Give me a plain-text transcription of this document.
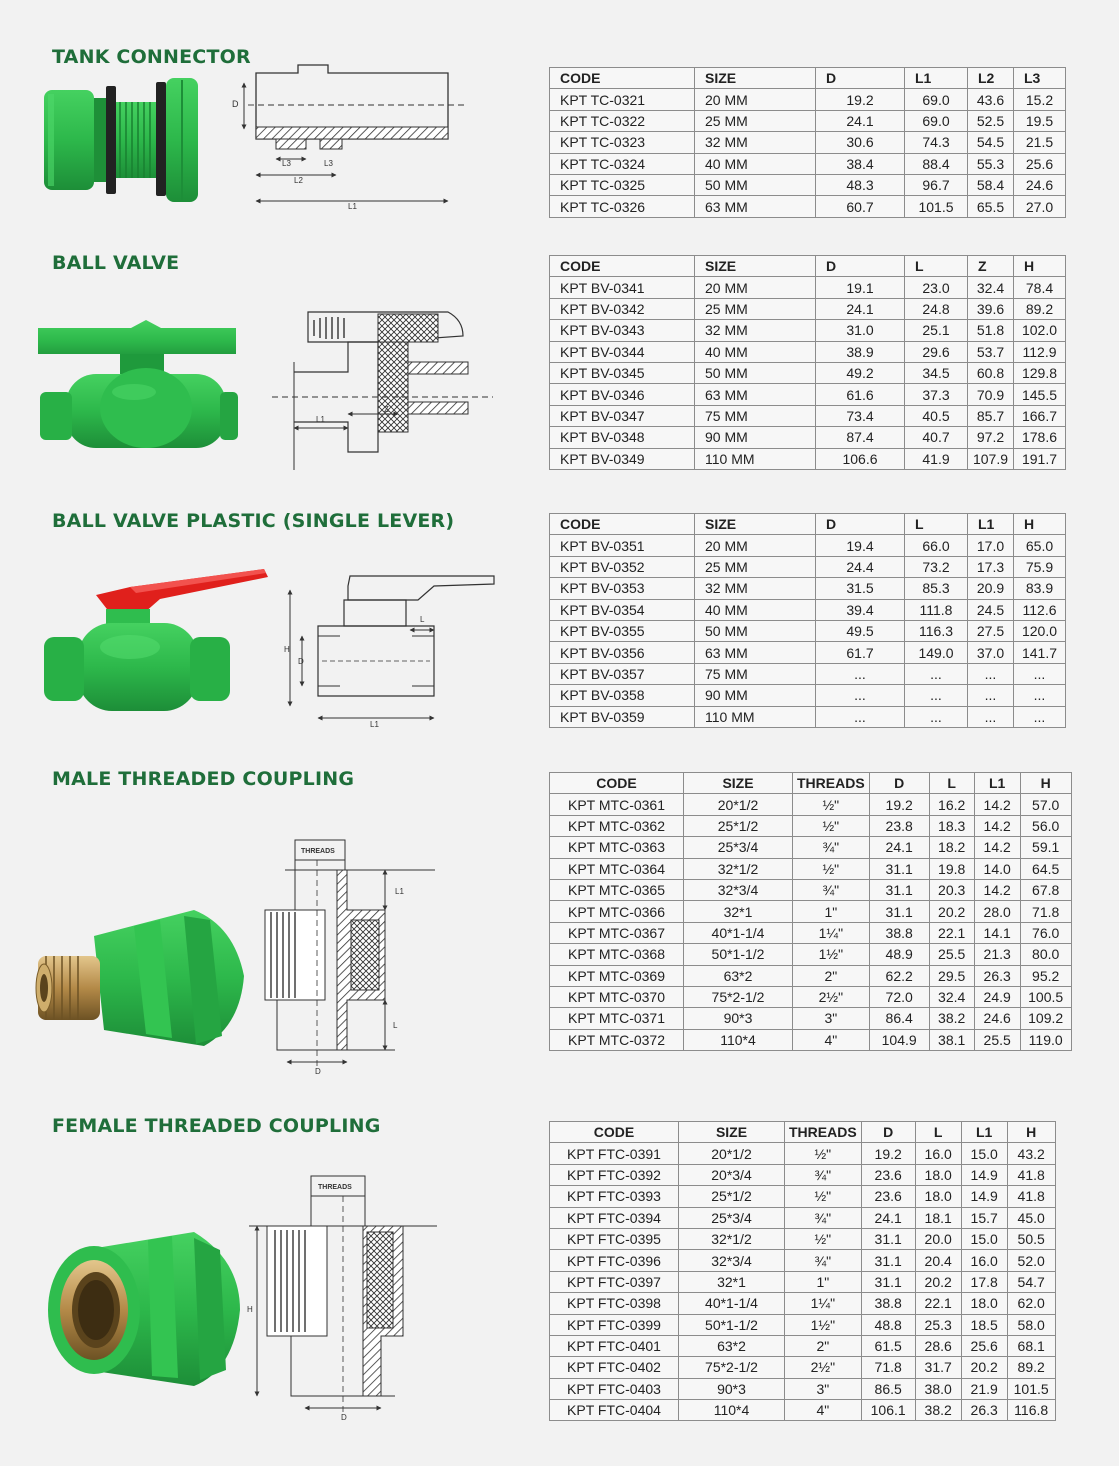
TANK CONNECTOR
D
L3	L3
L2
L1
CODE	SIZE	D	L1	L2	L3
KPT TC-0321	20 MM	19.2	69.0	43.6	15.2
KPT TC-0322	25 MM	24.1	69.0	52.5	19.5
KPT TC-0323	32 MM	30.6	74.3	54.5	21.5
KPT TC-0324	40 MM	38.4	88.4	55.3	25.6
KPT TC-0325	50 MM	48.3	96.7	58.4	24.6
KPT TC-0326	63 MM	60.7	101.5	65.5	27.0
BALL VALVE
L1
Z
CODE	SIZE	D	L	Z	H
KPT BV-0341	20 MM	19.1	23.0	32.4	78.4
KPT BV-0342	25 MM	24.1	24.8	39.6	89.2
KPT BV-0343	32 MM	31.0	25.1	51.8	102.0
KPT BV-0344	40 MM	38.9	29.6	53.7	112.9
KPT BV-0345	50 MM	49.2	34.5	60.8	129.8
KPT BV-0346	63 MM	61.6	37.3	70.9	145.5
KPT BV-0347	75 MM	73.4	40.5	85.7	166.7
KPT BV-0348	90 MM	87.4	40.7	97.2	178.6
KPT BV-0349	110 MM	106.6	41.9	107.9	191.7
BALL VALVE PLASTIC (SINGLE LEVER)
H
D
L
L1
CODE	SIZE	D	L	L1	H
KPT BV-0351	20 MM	19.4	66.0	17.0	65.0
KPT BV-0352	25 MM	24.4	73.2	17.3	75.9
KPT BV-0353	32 MM	31.5	85.3	20.9	83.9
KPT BV-0354	40 MM	39.4	111.8	24.5	112.6
KPT BV-0355	50 MM	49.5	116.3	27.5	120.0
KPT BV-0356	63 MM	61.7	149.0	37.0	141.7
KPT BV-0357	75 MM	...	...	...	...
KPT BV-0358	90 MM	...	...	...	...
KPT BV-0359	110 MM	...	...	...	...
MALE THREADED COUPLING
THREADS
L1
L
D
CODE	SIZE	THREADS	D	L	L1	H
KPT MTC-0361	20*1/2	½"	19.2	16.2	14.2	57.0
KPT MTC-0362	25*1/2	½"	23.8	18.3	14.2	56.0
KPT MTC-0363	25*3/4	¾"	24.1	18.2	14.2	59.1
KPT MTC-0364	32*1/2	½"	31.1	19.8	14.0	64.5
KPT MTC-0365	32*3/4	¾"	31.1	20.3	14.2	67.8
KPT MTC-0366	32*1	1"	31.1	20.2	28.0	71.8
KPT MTC-0367	40*1-1/4	1¼"	38.8	22.1	14.1	76.0
KPT MTC-0368	50*1-1/2	1½"	48.9	25.5	21.3	80.0
KPT MTC-0369	63*2	2"	62.2	29.5	26.3	95.2
KPT MTC-0370	75*2-1/2	2½"	72.0	32.4	24.9	100.5
KPT MTC-0371	90*3	3"	86.4	38.2	24.6	109.2
KPT MTC-0372	110*4	4"	104.9	38.1	25.5	119.0
FEMALE THREADED COUPLING
THREADS
H
D
CODE	SIZE	THREADS	D	L	L1	H
KPT FTC-0391	20*1/2	½"	19.2	16.0	15.0	43.2
KPT FTC-0392	20*3/4	¾"	23.6	18.0	14.9	41.8
KPT FTC-0393	25*1/2	½"	23.6	18.0	14.9	41.8
KPT FTC-0394	25*3/4	¾"	24.1	18.1	15.7	45.0
KPT FTC-0395	32*1/2	½"	31.1	20.0	15.0	50.5
KPT FTC-0396	32*3/4	¾"	31.1	20.4	16.0	52.0
KPT FTC-0397	32*1	1"	31.1	20.2	17.8	54.7
KPT FTC-0398	40*1-1/4	1¼"	38.8	22.1	18.0	62.0
KPT FTC-0399	50*1-1/2	1½"	48.8	25.3	18.5	58.0
KPT FTC-0401	63*2	2"	61.5	28.6	25.6	68.1
KPT FTC-0402	75*2-1/2	2½"	71.8	31.7	20.2	89.2
KPT FTC-0403	90*3	3"	86.5	38.0	21.9	101.5
KPT FTC-0404	110*4	4"	106.1	38.2	26.3	116.8
